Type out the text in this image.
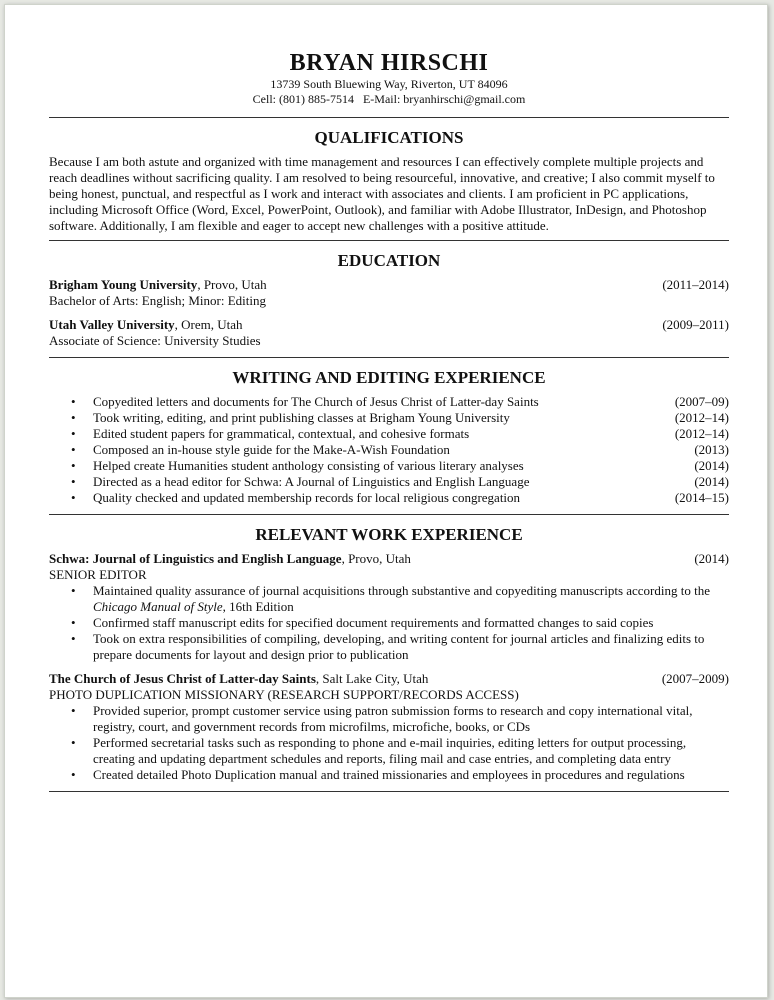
BRYAN HIRSCHI
13739 South Bluewing Way, Riverton, UT 84096
Cell: (801) 885-7514   E-Mail: bryanhirschi@gmail.com
QUALIFICATIONS

Because I am both astute and organized with time management and resources I can effectively complete multiple projects and reach deadlines without sacrificing quality. I am resolved to being resourceful, innovative, and creative; I also commit myself to being honest, punctual, and respectful as I work and interact with associates and clients. I am proficient in PC applications, including Microsoft Office (Word, Excel, PowerPoint, Outlook), and familiar with Adobe Illustrator, InDesign, and Photoshop software. Additionally, I am flexible and eager to accept new challenges with a positive attitude.

EDUCATION
Brigham Young University, Provo, Utah	(2011–2014)
Bachelor of Arts: English; Minor: Editing
Utah Valley University, Orem, Utah	(2009–2011)
Associate of Science: University Studies
WRITING AND EDITING EXPERIENCE
• Copyedited letters and documents for The Church of Jesus Christ of Latter-day Saints	(2007–09)
• Took writing, editing, and print publishing classes at Brigham Young University	(2012–14)
• Edited student papers for grammatical, contextual, and cohesive formats	(2012–14)
• Composed an in-house style guide for the Make-A-Wish Foundation	(2013)
• Helped create Humanities student anthology consisting of various literary analyses	(2014)
• Directed as a head editor for Schwa: A Journal of Linguistics and English Language	(2014)
• Quality checked and updated membership records for local religious congregation	(2014–15)
RELEVANT WORK EXPERIENCE
Schwa: Journal of Linguistics and English Language, Provo, Utah	(2014)
SENIOR EDITOR
• Maintained quality assurance of journal acquisitions through substantive and copyediting manuscripts according to the Chicago Manual of Style, 16th Edition
• Confirmed staff manuscript edits for specified document requirements and formatted changes to said copies
• Took on extra responsibilities of compiling, developing, and writing content for journal articles and finalizing edits to prepare documents for layout and design prior to publication
The Church of Jesus Christ of Latter-day Saints, Salt Lake City, Utah	(2007–2009)
PHOTO DUPLICATION MISSIONARY (RESEARCH SUPPORT/RECORDS ACCESS)
• Provided superior, prompt customer service using patron submission forms to research and copy international vital, registry, court, and government records from microfilms, microfiche, books, or CDs
• Performed secretarial tasks such as responding to phone and e-mail inquiries, editing letters for output processing, creating and updating department schedules and reports, filing mail and case entries, and completing data entry
• Created detailed Photo Duplication manual and trained missionaries and employees in procedures and regulations
